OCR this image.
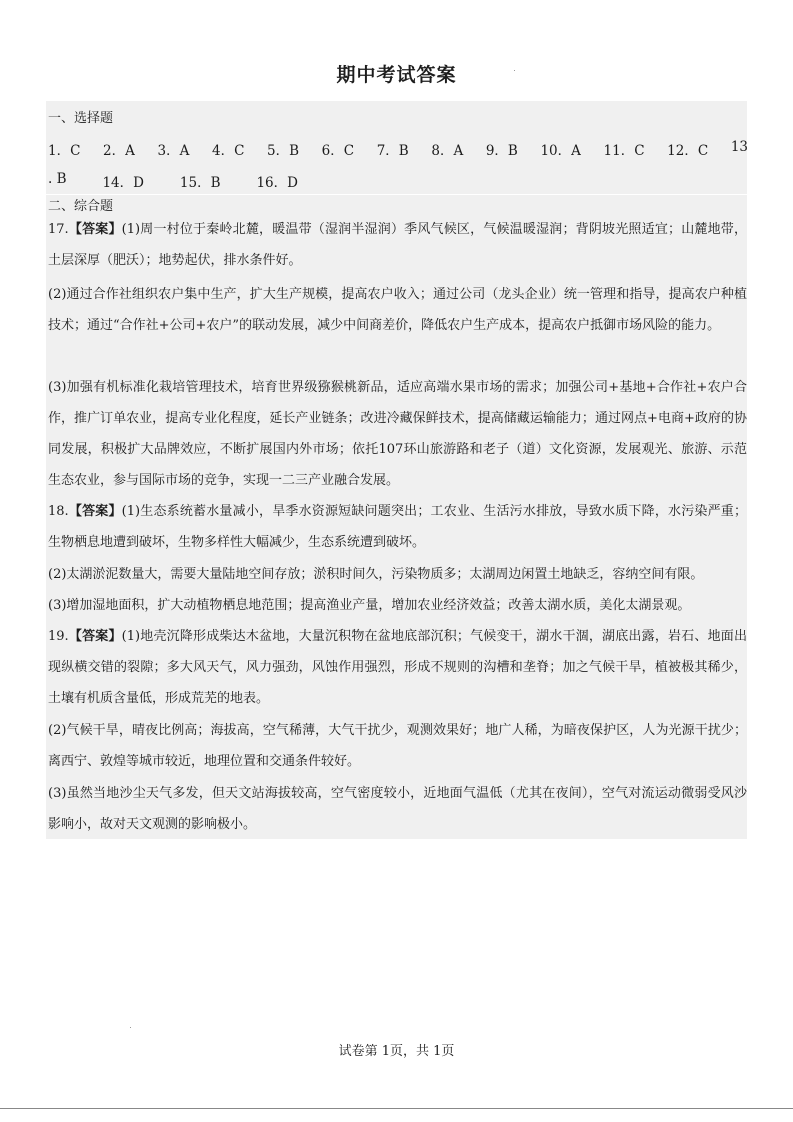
期中考试答案
一、选择题
1．C 2．A 3．A 4．C 5．B 6．C 7．B 8．A 9．B 10．A 11．C 12．C 13
. B	14．D	15．B	16．D
二、综合题
17.【答案】(1)周一村位于秦岭北麓，暖温带（湿润半湿润）季风气候区，气候温暖湿润；背阴坡光照适宜；山麓地带，土层深厚（肥沃）；地势起伏，排水条件好。
(2)通过合作社组织农户集中生产，扩大生产规模，提高农户收入；通过公司（龙头企业）统一管理和指导，提高农户种植技术；通过“合作社+公司+农户”的联动发展，减少中间商差价，降低农户生产成本，提高农户抵御市场风险的能力。
(3)加强有机标准化栽培管理技术，培育世界级猕猴桃新品，适应高端水果市场的需求；加强公司+基地+合作社+农户合作，推广订单农业，提高专业化程度，延长产业链条；改进冷藏保鲜技术，提高储藏运输能力；通过网点+电商+政府的协同发展，积极扩大品牌效应，不断扩展国内外市场；依托107环山旅游路和老子（道）文化资源，发展观光、旅游、示范生态农业，参与国际市场的竞争，实现一二三产业融合发展。
18.【答案】(1)生态系统蓄水量减小，旱季水资源短缺问题突出；工农业、生活污水排放，导致水质下降，水污染严重；生物栖息地遭到破坏，生物多样性大幅减少，生态系统遭到破坏。
(2)太湖淤泥数量大，需要大量陆地空间存放；淤积时间久，污染物质多；太湖周边闲置土地缺乏，容纳空间有限。
(3)增加湿地面积，扩大动植物栖息地范围；提高渔业产量，增加农业经济效益；改善太湖水质，美化太湖景观。
19.【答案】(1)地壳沉降形成柴达木盆地，大量沉积物在盆地底部沉积；气候变干，湖水干涸，湖底出露，岩石、地面出现纵横交错的裂隙；多大风天气，风力强劲，风蚀作用强烈，形成不规则的沟槽和垄脊；加之气候干旱，植被极其稀少，土壤有机质含量低，形成荒芜的地表。
(2)气候干旱，晴夜比例高；海拔高，空气稀薄，大气干扰少，观测效果好；地广人稀，为暗夜保护区，人为光源干扰少；离西宁、敦煌等城市较近，地理位置和交通条件较好。
(3)虽然当地沙尘天气多发，但天文站海拔较高，空气密度较小，近地面气温低（尤其在夜间），空气对流运动微弱受风沙影响小，故对天文观测的影响极小。
试卷第 1页，共 1页
